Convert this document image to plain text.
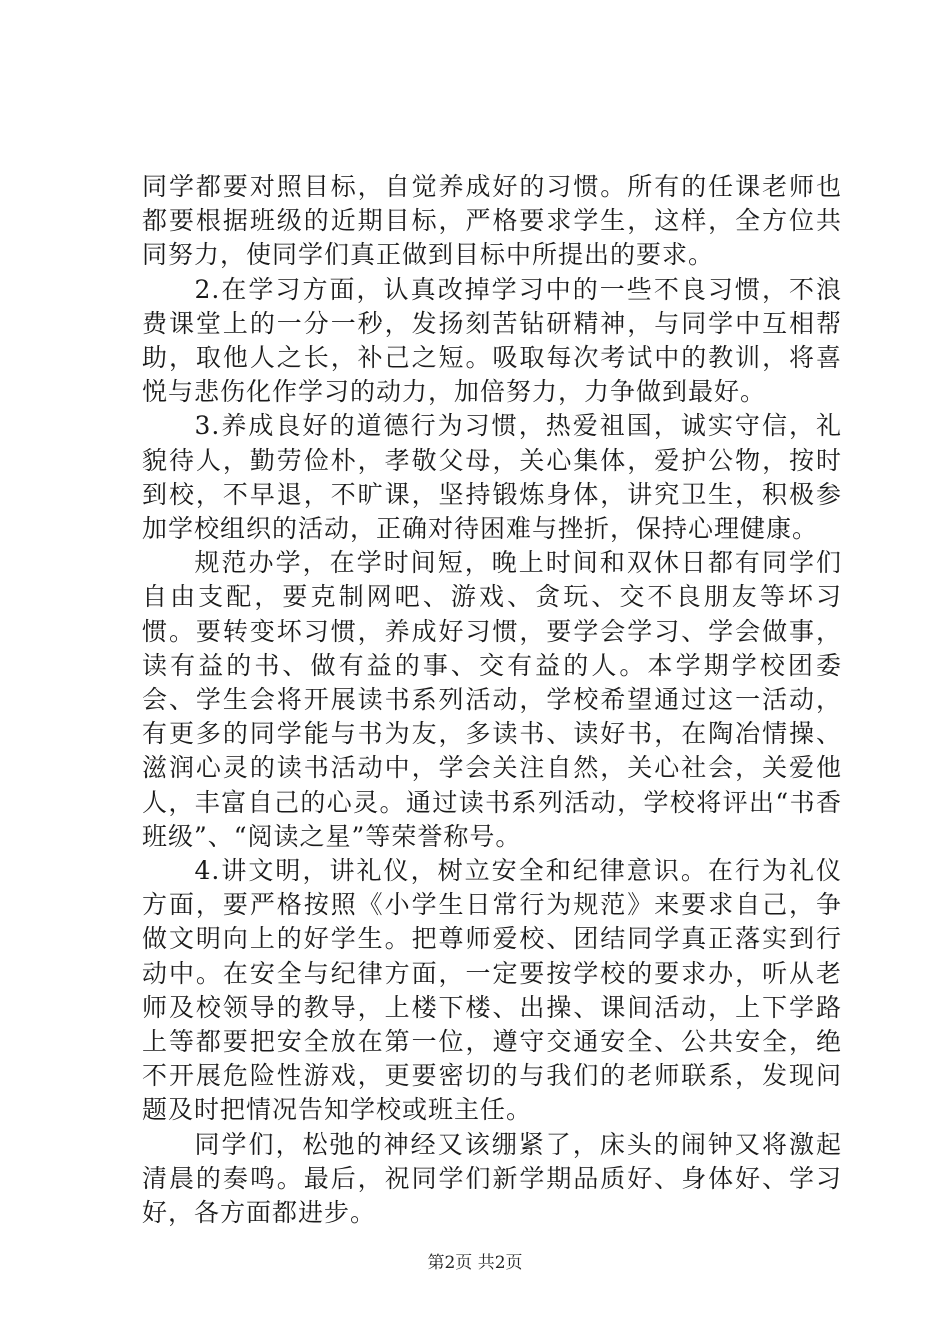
同学都要对照目标，自觉养成好的习惯。所有的任课老师也都要根据班级的近期目标，严格要求学生，这样，全方位共同努力，使同学们真正做到目标中所提出的要求。

2.在学习方面，认真改掉学习中的一些不良习惯，不浪费课堂上的一分一秒，发扬刻苦钻研精神，与同学中互相帮助，取他人之长，补己之短。吸取每次考试中的教训，将喜悦与悲伤化作学习的动力，加倍努力，力争做到最好。

3.养成良好的道德行为习惯，热爱祖国，诚实守信，礼貌待人，勤劳俭朴，孝敬父母，关心集体，爱护公物，按时到校，不早退，不旷课，坚持锻炼身体，讲究卫生，积极参加学校组织的活动，正确对待困难与挫折，保持心理健康。

规范办学，在学时间短，晚上时间和双休日都有同学们自由支配，要克制网吧、游戏、贪玩、交不良朋友等坏习惯。要转变坏习惯，养成好习惯，要学会学习、学会做事，读有益的书、做有益的事、交有益的人。本学期学校团委会、学生会将开展读书系列活动，学校希望通过这一活动，有更多的同学能与书为友，多读书、读好书，在陶冶情操、滋润心灵的读书活动中，学会关注自然，关心社会，关爱他人，丰富自己的心灵。通过读书系列活动，学校将评出“书香班级”、“阅读之星”等荣誉称号。

4.讲文明，讲礼仪，树立安全和纪律意识。在行为礼仪方面，要严格按照《小学生日常行为规范》来要求自己，争做文明向上的好学生。把尊师爱校、团结同学真正落实到行动中。在安全与纪律方面，一定要按学校的要求办，听从老师及校领导的教导，上楼下楼、出操、课间活动，上下学路上等都要把安全放在第一位，遵守交通安全、公共安全，绝不开展危险性游戏，更要密切的与我们的老师联系，发现问题及时把情况告知学校或班主任。

同学们，松弛的神经又该绷紧了，床头的闹钟又将激起清晨的奏鸣。最后，祝同学们新学期品质好、身体好、学习好，各方面都进步。

第2页 共2页
